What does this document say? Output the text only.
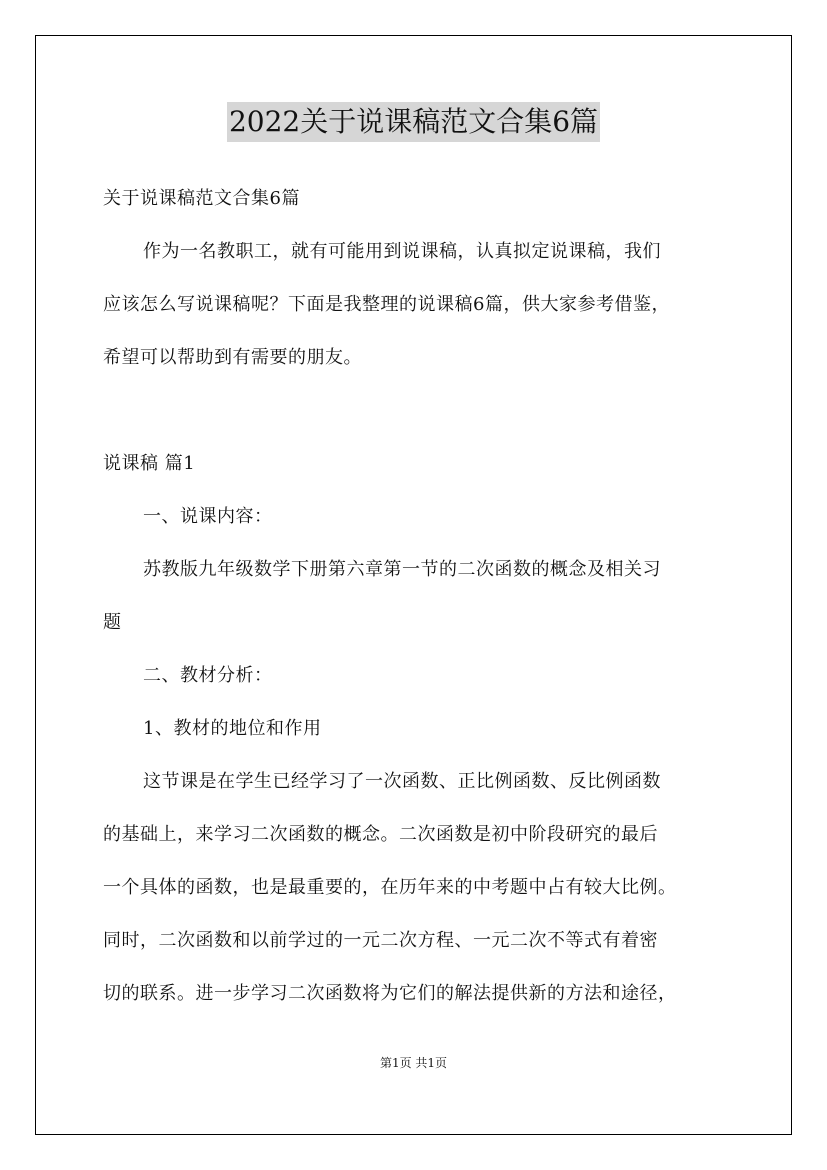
2022关于说课稿范文合集6篇

关于说课稿范文合集6篇

作为一名教职工，就有可能用到说课稿，认真拟定说课稿，我们

应该怎么写说课稿呢？下面是我整理的说课稿6篇，供大家参考借鉴，

希望可以帮助到有需要的朋友。

说课稿 篇1

一、说课内容：

苏教版九年级数学下册第六章第一节的二次函数的概念及相关习

题

二、教材分析：

1、教材的地位和作用

这节课是在学生已经学习了一次函数、正比例函数、反比例函数

的基础上，来学习二次函数的概念。二次函数是初中阶段研究的最后

一个具体的函数，也是最重要的，在历年来的中考题中占有较大比例。

同时，二次函数和以前学过的一元二次方程、一元二次不等式有着密

切的联系。进一步学习二次函数将为它们的解法提供新的方法和途径，

第1页 共1页
